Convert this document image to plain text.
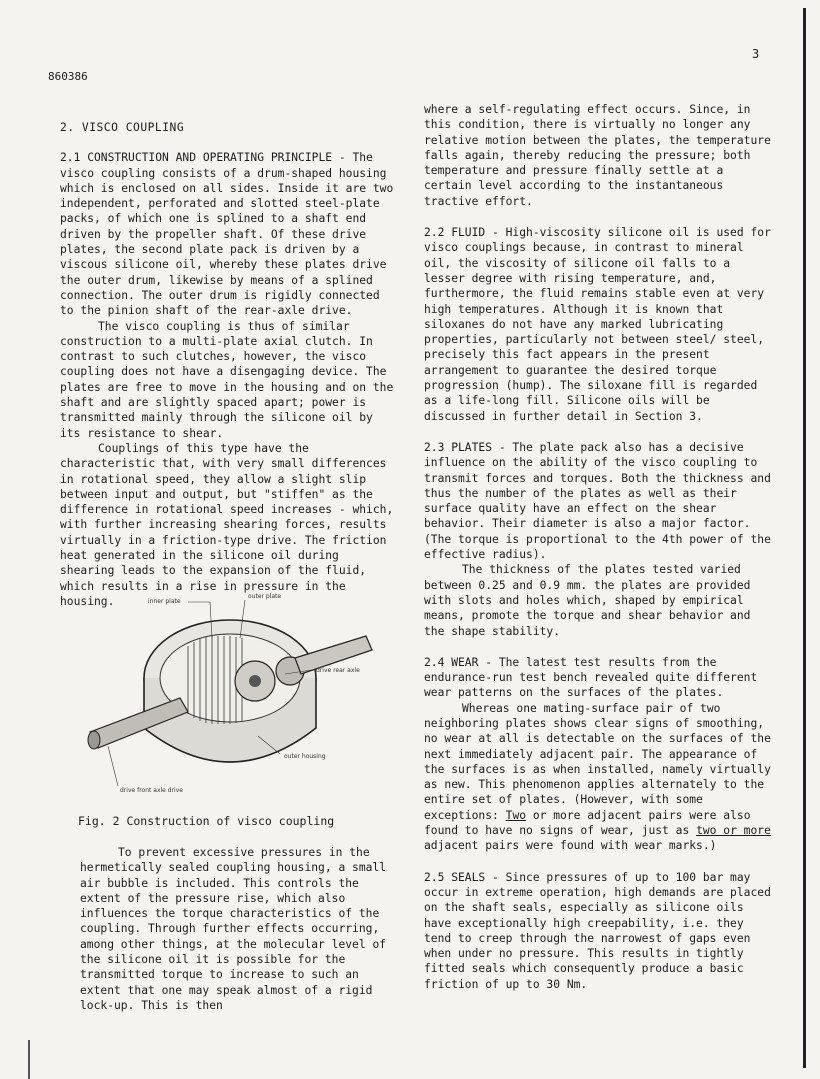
860386
3

2. VISCO COUPLING

2.1 CONSTRUCTION AND OPERATING PRINCIPLE - The visco coupling consists of a drum-shaped housing which is enclosed on all sides. Inside it are two independent, perforated and slotted steel-plate packs, of which one is splined to a shaft end driven by the propeller shaft. Of these drive plates, the second plate pack is driven by a viscous silicone oil, whereby these plates drive the outer drum, likewise by means of a splined connection. The outer drum is rigidly connected to the pinion shaft of the rear-axle drive.

The visco coupling is thus of similar construction to a multi-plate axial clutch. In contrast to such clutches, however, the visco coupling does not have a disengaging device. The plates are free to move in the housing and on the shaft and are slightly spaced apart; power is transmitted mainly through the silicone oil by its resistance to shear.

Couplings of this type have the characteristic that, with very small differences in rotational speed, they allow a slight slip between input and output, but "stiffen" as the difference in rotational speed increases - which, with further increasing shearing forces, results virtually in a friction-type drive. The friction heat generated in the silicone oil during shearing leads to the expansion of the fluid, which results in a rise in pressure in the housing.	inner plate
outer plate
drive rear axle
outer housing
drive front axle drive
Fig. 2 Construction of visco coupling

To prevent excessive pressures in the hermetically sealed coupling housing, a small air bubble is included. This controls the extent of the pressure rise, which also influences the torque characteristics of the coupling. Through further effects occurring, among other things, at the molecular level of the silicone oil it is possible for the transmitted torque to increase to such an extent that one may speak almost of a rigid lock-up. This is then

where a self-regulating effect occurs. Since, in this condition, there is virtually no longer any relative motion between the plates, the temperature falls again, thereby reducing the pressure; both temperature and pressure finally settle at a certain level according to the instantaneous tractive effort.

2.2 FLUID - High-viscosity silicone oil is used for visco couplings because, in contrast to mineral oil, the viscosity of silicone oil falls to a lesser degree with rising temperature, and, furthermore, the fluid remains stable even at very high temperatures. Although it is known that siloxanes do not have any marked lubricating properties, particularly not between steel/ steel, precisely this fact appears in the present arrangement to guarantee the desired torque progression (hump). The siloxane fill is regarded as a life-long fill. Silicone oils will be discussed in further detail in Section 3.

2.3 PLATES - The plate pack also has a decisive influence on the ability of the visco coupling to transmit forces and torques. Both the thickness and thus the number of the plates as well as their surface quality have an effect on the shear behavior. Their diameter is also a major factor. (The torque is proportional to the 4th power of the effective radius).

The thickness of the plates tested varied between 0.25 and 0.9 mm. the plates are provided with slots and holes which, shaped by empirical means, promote the torque and shear behavior and the shape stability.

2.4 WEAR - The latest test results from the endurance-run test bench revealed quite different wear patterns on the surfaces of the plates.

Whereas one mating-surface pair of two neighboring plates shows clear signs of smoothing, no wear at all is detectable on the surfaces of the next immediately adjacent pair. The appearance of the surfaces is as when installed, namely virtually as new. This phenomenon applies alternately to the entire set of plates. (However, with some exceptions: Two or more adjacent pairs were also found to have no signs of wear, just as two or more adjacent pairs were found with wear marks.)

2.5 SEALS - Since pressures of up to 100 bar may occur in extreme operation, high demands are placed on the shaft seals, especially as silicone oils have exceptionally high creepability, i.e. they tend to creep through the narrowest of gaps even when under no pressure. This results in tightly fitted seals which consequently produce a basic friction of up to 30 Nm.
